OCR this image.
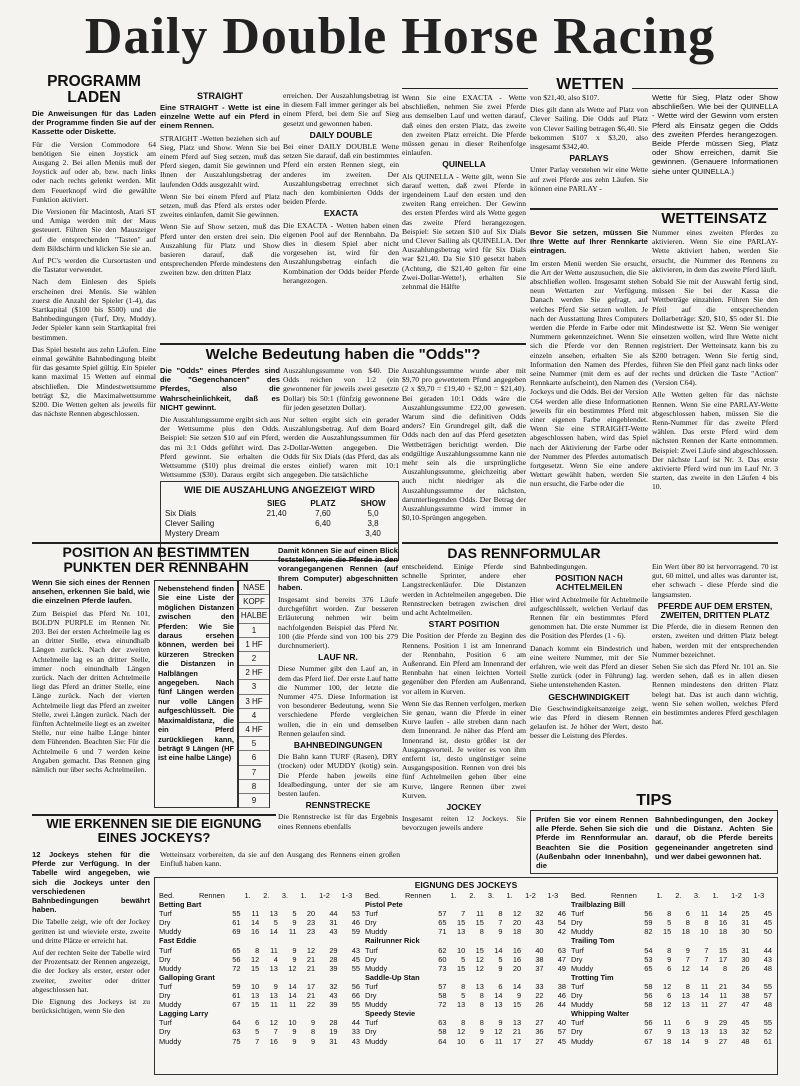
Daily Double Horse Racing
PROGRAMM LADEN

Die Anweisungen für das Laden der Programme finden Sie auf der Kassette oder Diskette.

Für die Version Commodore 64 benötigen Sie einen Joystick am Ausgang 2. Bei allen Menüs muß der Joystick auf oder ab, bzw. nach links oder nach rechts gelenkt werden. Mit dem Feuerknopf wird die gewählte Funktion aktiviert.

Die Versionen für Macintosh, Atari ST und Amiga werden mit der Maus gesteuert. Führen Sie den Mauszeiger auf die entsprechenden "Tasten" auf dem Bildschirm und klicken Sie sie an.

Auf PC's werden die Cursortasten und die Tastatur verwendet.

Nach dem Einlesen des Spiels erscheinen drei Menüs. Sie wählen zuerst die Anzahl der Spieler (1-4), das Startkapital ($100 bis $500) und die Bahnbedingungen (Turf, Dry, Muddy). Jeder Spieler kann sein Startkapital frei bestimmen.

Das Spiel besteht aus zehn Läufen. Eine einmal gewählte Bahnbedingung bleibt für das gesamte Spiel gültig. Ein Spieler kann maximal 15 Wetten auf einmal abschließen. Die Mindestwettsumme beträgt $2, die Maximalwettsumme $200. Die Wetten gelten als jeweils für das nächste Rennen abgeschlossen.

STRAIGHT

Eine STRAIGHT - Wette ist eine einzelne Wette auf ein Pferd in einem Rennen.

STRAIGHT -Wetten beziehen sich auf Sieg, Platz und Show. Wenn Sie bei einem Pferd auf Sieg setzen, muß das Pferd siegen, damit Sie gewinnen und Ihnen der Auszahlungsbetrag der laufenden Odds ausgezahlt wird.

Wenn Sie bei einem Pferd auf Platz setzen, muß das Pferd als erstes oder zweites einlaufen, damit Sie gewinnen.

Wenn Sie auf Show setzen, muß das Pferd unter den ersten drei sein. Die Auszahlung für Platz und Show basieren darauf, daß die entsprechenden Pferde mindestens den zweiten bzw. den dritten Platz

erreichen. Der Auszahlungsbetrag ist in diesem Fall immer geringer als bei einem Pferd, bei dem Sie auf Sieg gesetzt und gewonnen haben.

DAILY DOUBLE

Bei einer DAILY DOUBLE Wette setzen Sie darauf, daß ein bestimmtes Pferd ein ersten Rennen siegt, ein anderes im zweiten. Der Auszahlungsbetrag errechnet sich nach den kombinierten Odds der beiden Pferde.

EXACTA

Die EXACTA - Wetten haben einen eigenen Pool auf der Rennbahn. Da dies in diesem Spiel aber nicht vorgesehen ist, wird für den Auszahlungsbetrag einfach die Kombination der Odds beider Pferde herangezogen.

WETTEN

Wenn Sie eine EXACTA - Wette abschließen, nehmen Sie zwei Pferde aus demselben Lauf und wetten darauf, daß eines den ersten Platz, das zweite den zweiten Platz erreicht. Die Pferde müssen genau in dieser Reihenfolge einlaufen.

QUINELLA

Als QUINELLA - Wette gilt, wenn Sie darauf wetten, daß zwei Pferde in irgendeinem Lauf den ersten und den zweiten Rang erreichen. Der Gewinn des ersten Pferdes wird als Wette gegen das zweite Pferd herangezogen. Beispiel: Sie setzen $10 auf Six Dials und Clever Sailing als QUINELLA. Der Auszahlungsbetrag wird für Six Dials war $21,40. Da Sie $10 gesetzt haben (Achtung, die $21,40 gelten für eine Zwei-Dollar-Wette!), erhalten Sie zehnmal die Hälfte

von $21,40, also $107.

Dies gilt dann als Wette auf Platz von Clever Sailing. Die Odds auf Platz von Clever Sailing betragen $6,40. Sie bekommen $107 x $3,20, also insgesamt $342,40.

PARLAYS

Unter Parlay verstehen wir eine Wette auf zwei Pferde aus zehn Läufen. Sie können eine PARLAY -

Wette für Sieg, Platz oder Show abschließen. Wie bei der QUINELLA - Wette wird der Gewinn vom ersten Pferd als Einsatz gegen die Odds des zweiten Pferdes herangezogen. Beide Pferde müssen Sieg, Platz oder Show erreichen, damit Sie gewinnen. (Genauere Informationen siehe unter QUINELLA.)

WETTEINSATZ

Bevor Sie setzen, müssen Sie Ihre Wette auf Ihrer Rennkarte eintragen.

Im ersten Menü werden Sie ersucht, die Art der Wette auszusuchen, die Sie abschließen wollen. Insgesamt stehen neun Wettarten zur Verfügung. Danach werden Sie gefragt, auf welches Pferd Sie setzen wollen. Je nach der Ausstattung Ihres Computers werden die Pferde in Farbe oder mit Nummern gekennzeichnet. Wenn Sie sich die Pferde vor den Rennen einzeln ansehen, erhalten Sie als Information den Namen des Pferdes, seine Nummer (mit dem es auf der Rennkarte aufscheint), den Namen des Jockeys und die Odds. Bei der Version C64 werden alle diese Informationen jeweils für ein bestimmtes Pferd mit einer eigenen Farbe eingeblendet. Wenn Sie eine STRAIGHT-Wette abgeschlossen haben, wird das Spiel nach der Aktivierung der Farbe oder der Nummer des Pferdes automatisch fortgesetzt. Wenn Sie eine andere Wettart gewählt haben, werden Sie nun ersucht, die Farbe oder die

Nummer eines zweiten Pferdes zu aktivieren. Wenn Sie eine PARLAY-Wette aktiviert haben, werden Sie ersucht, die Nummer des Rennens zu aktivieren, in dem das zweite Pferd läuft.

Sobald Sie mit der Auswahl fertig sind, müssen Sie bei der Kassa die Wettbeträge einzahlen. Führen Sie den Pfeil auf die entsprechenden Dollarbeträge: $20, $10, $5 oder $1. Die Mindestwette ist $2. Wenn Sie weniger einsetzen wollen, wird Ihre Wette nicht registriert. Der Wetteinsatz kann bis zu $200 betragen. Wenn Sie fertig sind, führen Sie den Pfeil ganz nach links oder rechts und drücken die Taste "Action" (Version C64).

Alle Wetten gelten für das nächste Rennen. Wenn Sie eine PARLAY-Wette abgeschlossen haben, müssen Sie die Renn-Nummer für das zweite Pferd wählen. Das erste Pferd wird dem nächsten Rennen der Karte entnommen. Beispiel: Zwei Läufe sind abgeschlossen. Der nächste Lauf ist Nr. 3. Das erste aktivierte Pferd wird nun im Lauf Nr. 3 starten, das zweite in den Läufen 4 bis 10.

Welche Bedeutung haben die "Odds"?

Die "Odds" eines Pferdes sind die "Gegenchancen" des Pferdes, also die Wahrscheinlichkeit, daß es NICHT gewinnt.

Die Auszahlungssumme ergibt sich aus der Wettsumme plus den Odds. Beispiel: Sie setzen $10 auf ein Pferd, das mi 3:1 Odds geführt wird. Das Pferd gewinnt. Sie erhalten die Wettsumme ($10) plus dreimal die Wettsumme ($30). Daraus ergibt sich

Auszahlungssumme von $40. Die Odds reichen von 1:2 (ein gewonnener für jeweils zwei gesetzte Dollar) bis 50:1 (fünfzig gewonnene für jeden gesetzten Dollar).

Nur selten ergibt sich ein gerader Auszahlungsbetrag. Auf dem Board werden die Auszahlungssummen für 2-Dollar-Wetten angegeben. Die Odds für Six Dials (das Pferd, das als erstes einlief) waren mit 10:1 angegeben. Die tatsächliche

Auszahlungssumme wurde aber mit $9,70 pro gewettetem Pfund angegeben (2 x $9,70 = £19,40 + $2,00 = $21,40). Bei geraden 10:1 Odds wäre die Auszahlungssumme £22,00 gewesen. Warum sind die definitiven Odds anders? Ein Grundregel gilt, daß die Odds nach den auf das Pferd gesetzten Wettbeträgen berichtigt werden. Die endgültige Auszahlungssumme kann nie mehr sein als die ursprüngliche Auszahlungssumme, gleichzeitig aber auch nicht niedriger als die Auszahlungssumme der nächsten, darunterliegenden Odds. Der Betrag der Auszahlungssumme wird immer in $0,10-Sprüngen angegeben.

WIE DIE AUSZAHLUNG ANGEZEIGT WIRD
	SIEG	PLATZ	SHOW
Six Dials	21,40	7,60	5,0
Clever Sailing		6,40	3,8
Mystery Dream			3,40
POSITION AN BESTIMMTEN PUNKTEN DER RENNBAHN

Wenn Sie sich eines der Rennen ansehen, erkennen Sie bald, wie die einzelnen Pferde laufen.

Zum Beispiel das Pferd Nr. 101, BOLD'N PURPLE im Rennen Nr. 203. Bei der ersten Achtelmeile lag es an dritter Stelle, etwa einundhalb Längen zurück. Nach der zweiten Achtelmeile lag es an dritter Stelle, immer noch einundhalb Längen zurück. Nach der dritten Achtelmeile liegt das Pferd an dritter Stelle, eine Länge zurück. Nach der vierten Achtelmeile liegt das Pferd an zweiter Stelle, zwei Längen zurück. Nach der fünften Achtelmeile liegt es an zweiter Stelle, nur eine halbe Länge hinter dem Führenden. Beachten Sie: Für die Achtelmeile 6 und 7 werden keine Angaben gemacht. Das Rennen ging nämlich nur über sechs Achtelmeilen.

Nebenstehend finden Sie eine Liste der möglichen Distanzen zwischen den Pferden: Wie Sie daraus ersehen können, werden bei kürzeren Strecken die Distanzen in Halblängen angegeben. Nach fünf Längen werden nur volle Längen aufgeschlüsselt. Die Maximaldistanz, die ein Pferd zurückliegen kann, beträgt 9 Längen (HF ist eine halbe Länge)
NASE
KOPF
HALBE
1
1 HF
2
2 HF
3
3 HF
4
4 HF
5
6
7
8
9

Damit können Sie auf einen Blick feststellen, wie die Pferde in den vorangegangenen Rennen (auf Ihrem Computer) abgeschnitten haben.

Insgesamt sind bereits 376 Läufe durchgeführt worden. Zur besseren Erläuterung nehmen wir beim nachfolgenden Beispiel das Pferd Nr. 100 (die Pferde sind von 100 bis 279 durchnumeriert).

LAUF NR.

Diese Nummer gibt den Lauf an, in dem das Pferd lief. Der erste Lauf hatte die Nummer 100, der letzte die Nummer 475. Diese Information ist von besonderer Bedeutung, wenn Sie verschiedene Pferde vergleichen wollen, die in ein und demselben Rennen gelaufen sind.

BAHNBEDINGUNGEN

Die Bahn kann TURF (Rasen), DRY (trocken) oder MUDDY (kotig) sein. Die Pferde haben jeweils eine Idealbedingung, unter der sie am besten laufen.

RENNSTRECKE

Die Rennstrecke ist für das Ergebnis eines Rennens ebenfalls

DAS RENNFORMULAR

entscheidend. Einige Pferde sind schnelle Sprinter, andere eher Langstreckenläufer. Die Distanzen werden in Achtelmeilen angegeben. Die Rennstrecken betragen zwischen drei und acht Achtelmeilen.

START POSITION

Die Position der Pferde zu Beginn des Rennens. Position 1 ist am Innenrand der Rennbahn, Position 6 am Außenrand. Ein Pferd am Innenrand der Rennbahn hat einen leichten Vorteil gegenüber den Pferden am Außenrand, vor allem in Kurven.

Wenn Sie das Rennen verfolgen, merken Sie genau, wann die Pferde in einer Kurve laufen - alle streben dann nach dem Innenrand. Je näher das Pferd am Innenrand ist, desto größer ist der Ausgangsvorteil. Je weiter es von ihm entfernt ist, desto ungünstiger seine Ausgangsposition. Rennen von drei bis fünf Achtelmeilen gehen über eine Kurve, längere Rennen über zwei Kurven.

JOCKEY

Insgesamt reiten 12 Jockeys. Sie bevorzugen jeweils andere

Bahnbedingungen.

POSITION NACH ACHTELMEILEN

Hier wird Achtelmeile für Achtelmeile aufgeschlüsselt, welchen Verlauf das Rennen für ein bestimmtes Pferd genommen hat. Die erste Nummer ist die Position des Pferdes (1 - 6).

Danach kommt ein Bindestrich und eine weitere Nummer, mit der Sie erfahren, wie weit das Pferd an dieser Stelle zurück (oder in Führung) lag. Siehe untenstehenden Kasten.

GESCHWINDIGKEIT

Die Geschwindigkeitsanzeige zeigt, wie das Pferd in diesem Rennen gelaufen ist. Je höher der Wert, desto besser die Leistung des Pferdes.

Ein Wert über 80 ist hervorragend. 70 ist gut, 60 mittel, und alles was darunter ist, eher schwach - diese Pferde sind die langsamsten.

PFERDE AUF DEM ERSTEN, ZWEITEN, DRITTEN PLATZ

Die Pferde, die in diesem Rennen den ersten, zweiten und dritten Platz belegt haben, werden mit der entsprechenden Nummer bezeichnet.

Sehen Sie sich das Pferd Nr. 101 an. Sie werden sehen, daß es in allen diesen Rennen mindestens den dritten Platz belegt hat. Das ist auch dann wichtig, wenn Sie sehen wollen, welches Pferd ein bestimmtes anderes Pferd geschlagen hat.

TIPS
Prüfen Sie vor einem Rennen alle Pferde. Sehen Sie sich die Pferde im Rennformular an. Beachten Sie die Position (Außenbahn oder Innenbahn), die
Bahnbedingungen, den Jockey und die Distanz. Achten Sie darauf, ob die Pferde bereits gegeneinander angetreten sind und wer dabei gewonnen hat.
WIE ERKENNEN SIE DIE EIGNUNG EINES JOCKEYS?

12 Jockeys stehen für die Pferde zur Verfügung. In der Tabelle wird angegeben, wie sich die Jockeys unter den verschiedenen Bahnbedingungen bewährt haben.

Die Tabelle zeigt, wie oft der Jockey geritten ist und wieviele erste, zweite und dritte Plätze er erreicht hat.

Auf der rechten Seite der Tabelle wird der Prozentsatz der Rennen angezeigt, die der Jockey als erster, erster oder zweiter, zweiter oder dritter abgeschlossen hat.

Die Eignung des Jockeys ist zu berücksichtigen, wenn Sie den

Wetteinsatz vorbereiten, da sie auf den Ausgang des Rennens einen großen Einfluß haben kann.

EIGNUNG DES JOCKEYS
Bed.	Rennen	1.	2.	3.	1.	1-2	1-3
Betting Bart							
Turf	55	11	13	5	20	44	53
Dry	61	14	5	9	23	31	46
Muddy	69	16	14	11	23	43	59
Fast Eddie							
Turf	65	8	11	9	12	29	43
Dry	56	12	4	9	21	28	45
Muddy	72	15	13	12	21	39	55
Galloping Grant							
Turf	59	10	9	14	17	32	56
Dry	61	13	13	14	21	43	66
Muddy	67	15	11	11	22	39	55
Lagging Larry							
Turf	64	6	12	10	9	28	44
Dry	63	5	7	9	8	19	33
Muddy	75	7	16	9	9	31	43
Bed.	Rennen	1.	2.	3.	1.	1-2	1-3
Pistol Pete							
Turf	57	7	11	8	12	32	46
Dry	65	15	15	7	20	43	54
Muddy	71	13	8	9	18	30	42
Railrunner Rick							
Turf	62	10	15	14	16	40	63
Dry	60	5	12	5	16	38	47
Muddy	73	15	12	9	20	37	49
Saddle-Up Stan							
Turf	57	8	13	6	14	33	38
Dry	58	5	8	14	9	22	46
Muddy	72	13	8	13	15	26	44
Speedy Stevie							
Turf	63	8	8	9	13	27	40
Dry	58	12	9	12	21	36	57
Muddy	64	10	6	11	17	27	45
Bed.	Rennen	1.	2.	3.	1.	1-2	1-3
Trailblazing Bill							
Turf	56	8	6	11	14	25	45
Dry	59	5	8	8	16	31	45
Muddy	82	15	18	10	18	30	50
Trailing Tom							
Turf	54	8	9	7	15	31	44
Dry	53	9	7	7	17	30	43
Muddy	65	6	12	14	8	26	48
Trotting Tim							
Turf	58	12	8	11	21	34	55
Dry	56	6	13	14	11	38	57
Muddy	58	12	13	11	27	47	48
Whipping Walter							
Turf	56	11	6	9	29	45	55
Dry	67	9	13	13	13	32	52
Muddy	67	18	14	9	27	48	61
